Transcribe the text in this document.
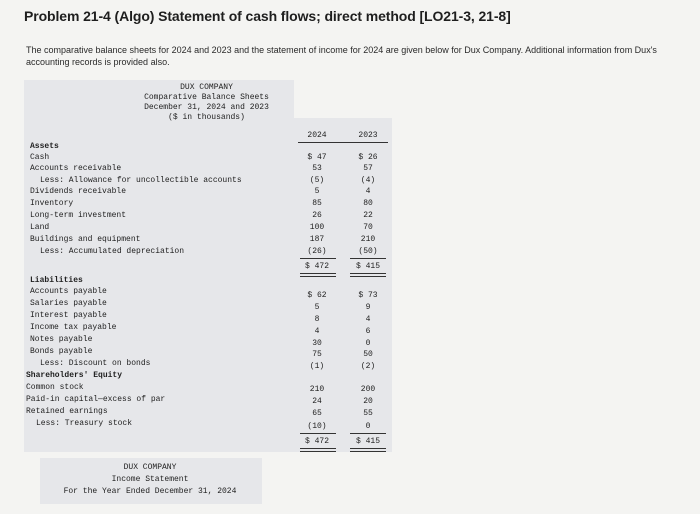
Problem 21-4 (Algo) Statement of cash flows; direct method [LO21-3, 21-8]
The comparative balance sheets for 2024 and 2023 and the statement of income for 2024 are given below for Dux Company. Additional information from Dux's accounting records is provided also.
DUX COMPANY
Comparative Balance Sheets
December 31, 2024 and 2023
($ in thousands)
2024	2023
Assets
Cash	$ 47	$ 26
Accounts receivable	53	57
Less: Allowance for uncollectible accounts	(5)	(4)
Dividends receivable	5	4
Inventory	85	80
Long-term investment	26	22
Land	100	70
Buildings and equipment	187	210
Less: Accumulated depreciation	(26)	(50)
$ 472	$ 415
Liabilities
Accounts payable	$ 62	$ 73
Salaries payable	5	9
Interest payable	8	4
Income tax payable	4	6
Notes payable	30	0
Bonds payable	75	50
Less: Discount on bonds	(1)	(2)
Shareholders' Equity
Common stock	210	200
Paid-in capital—excess of par	24	20
Retained earnings	65	55
Less: Treasury stock	(10)	0
$ 472	$ 415
DUX COMPANY
Income Statement
For the Year Ended December 31, 2024
